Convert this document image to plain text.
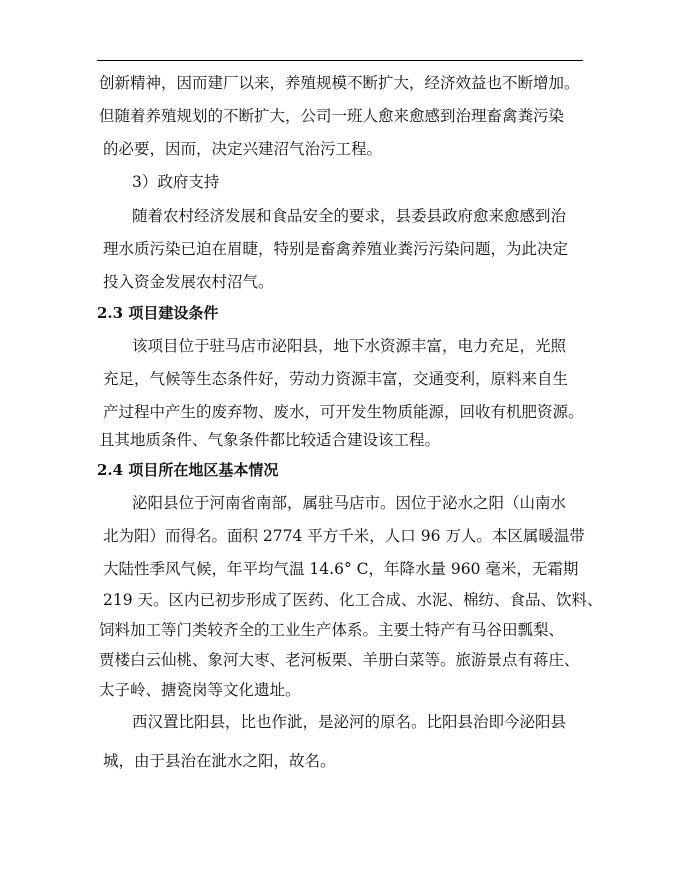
创新精神，因而建厂以来，养殖规模不断扩大，经济效益也不断增加。
但随着养殖规划的不断扩大，公司一班人愈来愈感到治理畜禽粪污染
的必要，因而，决定兴建沼气治污工程。
3）政府支持
随着农村经济发展和食品安全的要求，县委县政府愈来愈感到治
理水质污染已迫在眉睫，特别是畜禽养殖业粪污污染问题，为此决定
投入资金发展农村沼气。
2.3 项目建设条件
该项目位于驻马店市泌阳县，地下水资源丰富，电力充足，光照
充足，气候等生态条件好，劳动力资源丰富，交通变利，原料来自生
产过程中产生的废弃物、废水，可开发生物质能源，回收有机肥资源。
且其地质条件、气象条件都比较适合建设该工程。
2.4 项目所在地区基本情况
泌阳县位于河南省南部，属驻马店市。因位于泌水之阳（山南水
北为阳）而得名。面积 2774 平方千米，人口 96 万人。本区属暖温带
大陆性季风气候，年平均气温 14.6° C，年降水量 960 毫米，无霜期
219 天。区内已初步形成了医药、化工合成、水泥、棉纺、食品、饮料、
饲料加工等门类较齐全的工业生产体系。主要土特产有马谷田瓢梨、
贾楼白云仙桃、象河大枣、老河板栗、羊册白菜等。旅游景点有蒋庄、
太子岭、搪瓷岗等文化遗址。
西汉置比阳县，比也作泚，是泌河的原名。比阳县治即今泌阳县
城，由于县治在泚水之阳，故名。
